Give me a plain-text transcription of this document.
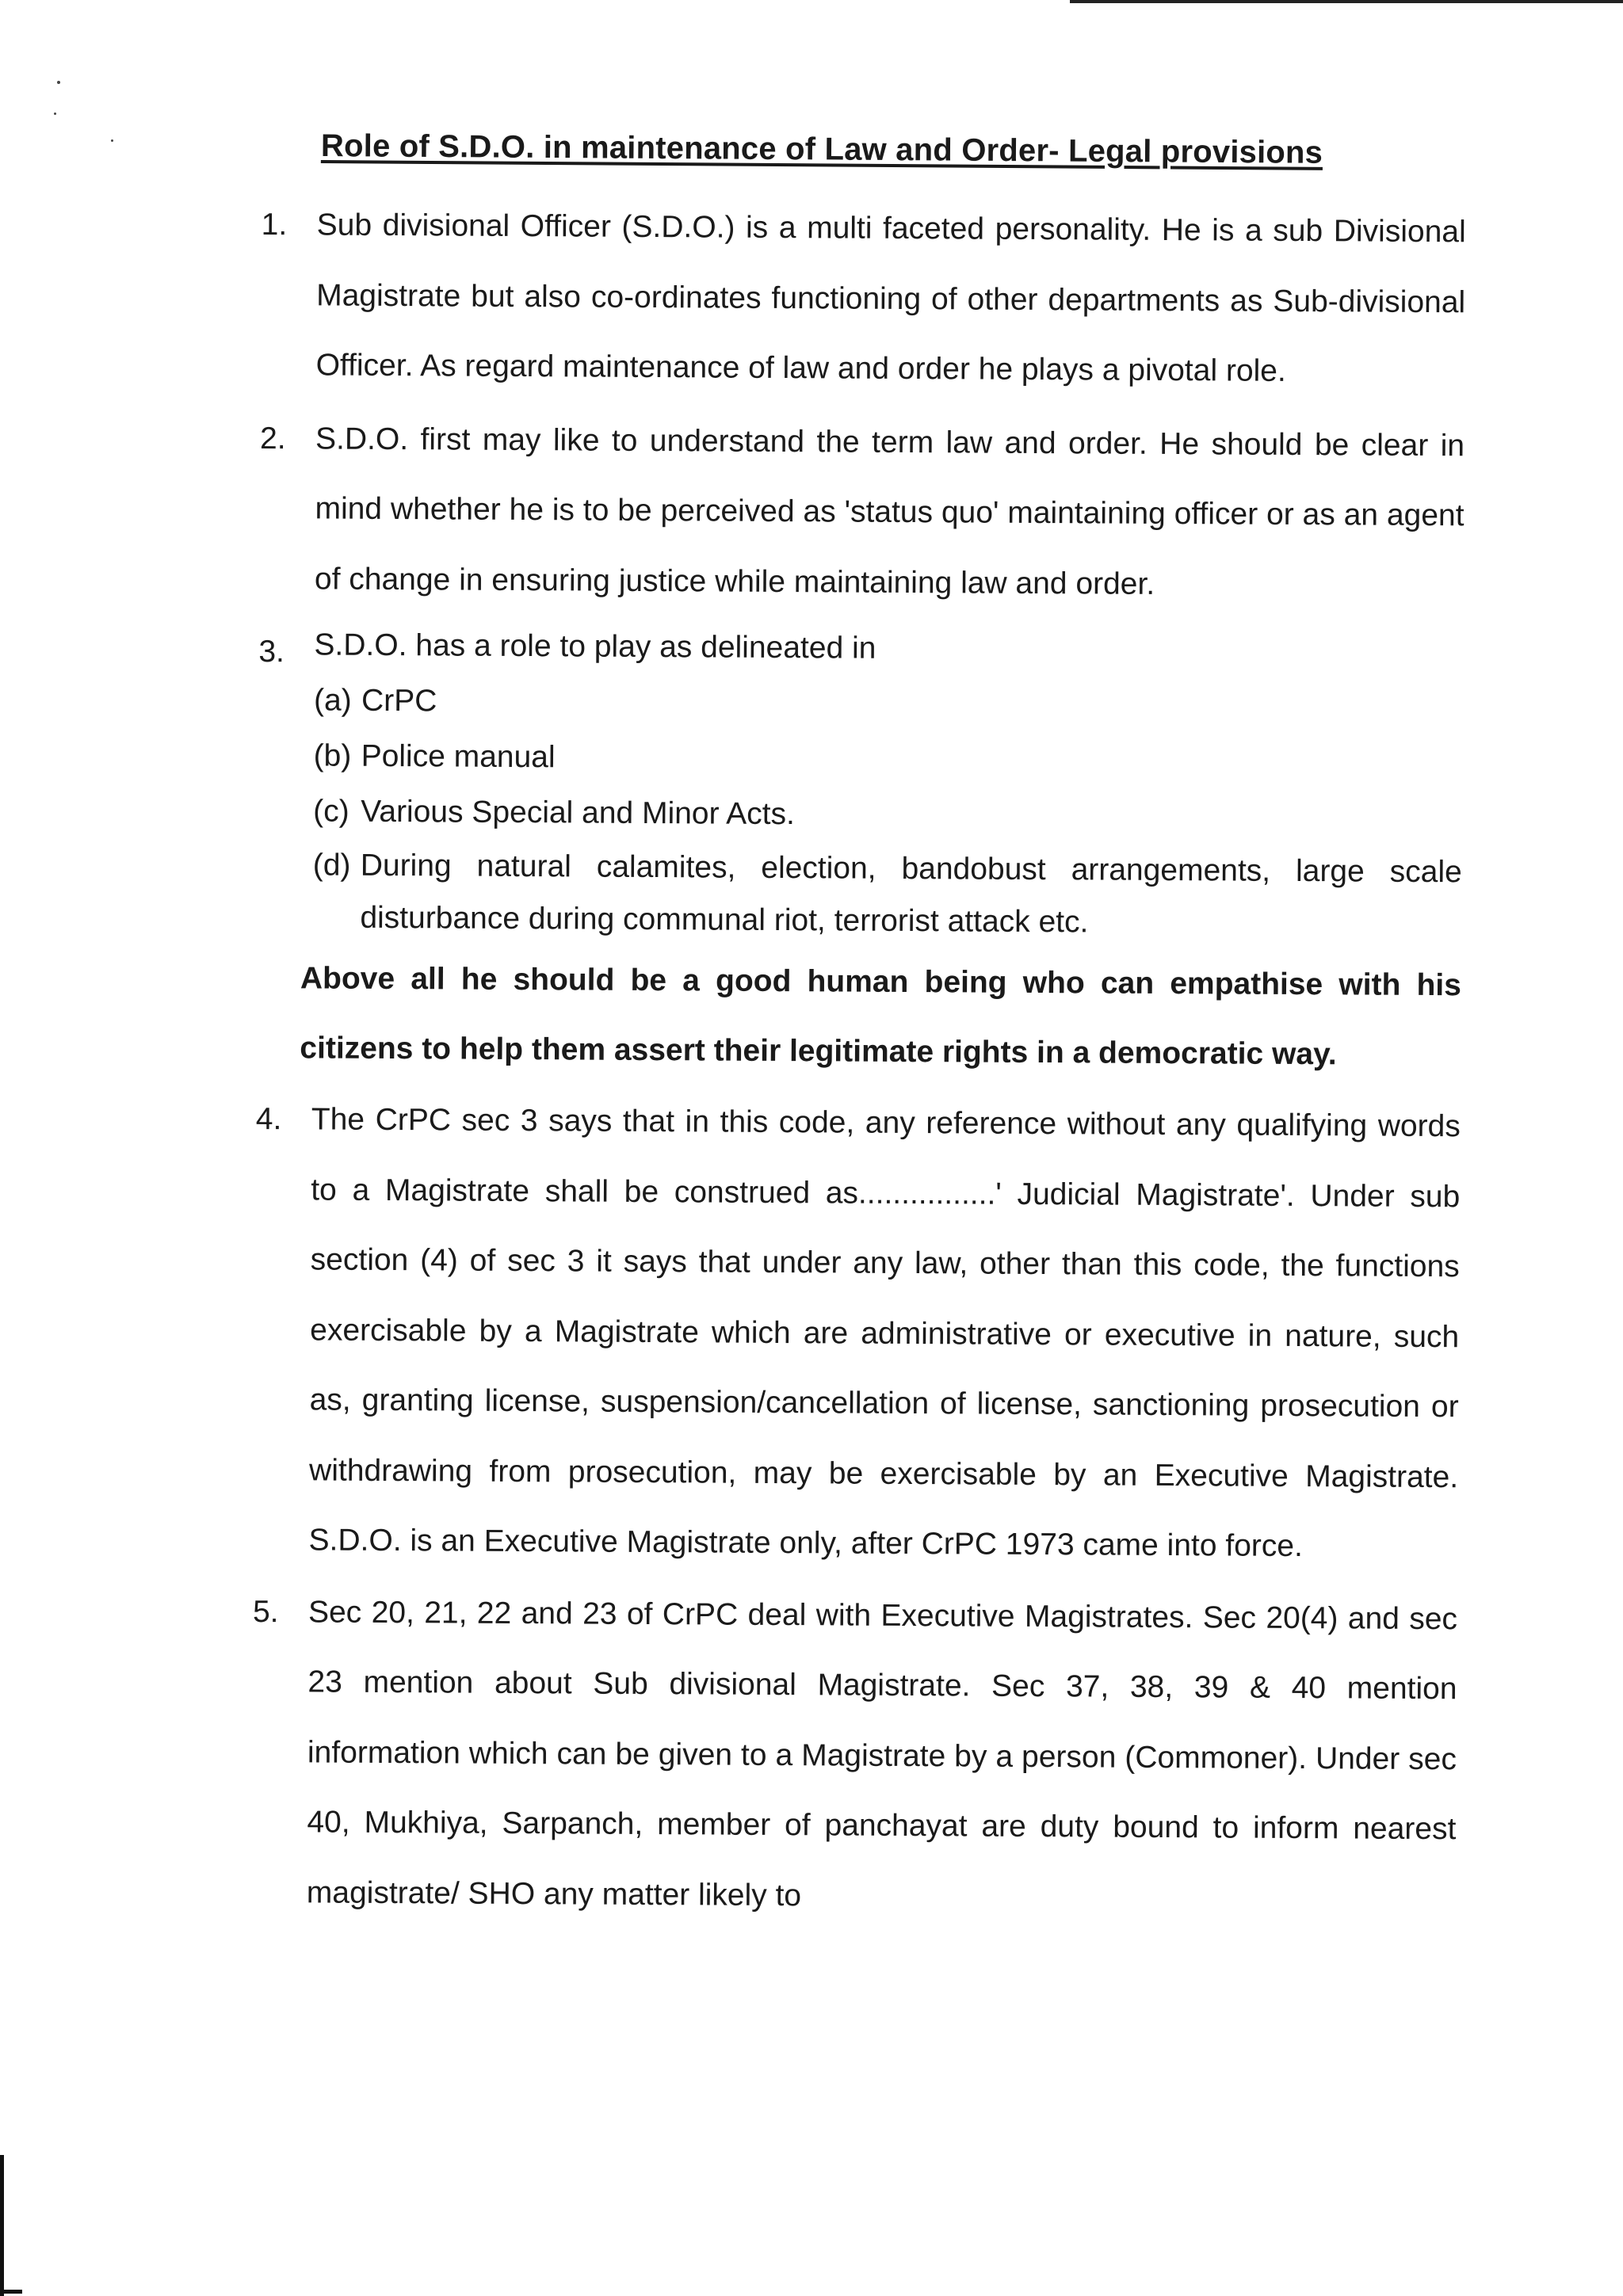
Role of S.D.O. in maintenance of Law and Order- Legal provisions
1. Sub divisional Officer (S.D.O.) is a multi faceted personality. He is a sub Divisional Magistrate but also co-ordinates functioning of other departments as Sub-divisional Officer. As regard maintenance of law and order he plays a pivotal role.

2. S.D.O. first may like to understand the term law and order. He should be clear in mind whether he is to be perceived as 'status quo' maintaining officer or as an agent of change in ensuring justice while maintaining law and order.

3. S.D.O. has a role to play as delineated in

(a) CrPC
(b) Police manual
(c) Various Special and Minor Acts.
(d) During natural calamites, election, bandobust arrangements, large scale disturbance during communal riot, terrorist attack etc.

Above all he should be a good human being who can empathise with his citizens to help them assert their legitimate rights in a democratic way.

4. The CrPC sec 3 says that in this code, any reference without any qualifying words to a Magistrate shall be construed as................' Judicial Magistrate'. Under sub section (4) of sec 3 it says that under any law, other than this code, the functions exercisable by a Magistrate which are administrative or executive in nature, such as, granting license, suspension/cancellation of license, sanctioning prosecution or withdrawing from prosecution, may be exercisable by an Executive Magistrate. S.D.O. is an Executive Magistrate only, after CrPC 1973 came into force.

5. Sec 20, 21, 22 and 23 of CrPC deal with Executive Magistrates. Sec 20(4) and sec 23 mention about Sub divisional Magistrate. Sec 37, 38, 39 & 40 mention information which can be given to a Magistrate by a person (Commoner). Under sec 40, Mukhiya, Sarpanch, member of panchayat are duty bound to inform nearest magistrate/ SHO any matter likely to
